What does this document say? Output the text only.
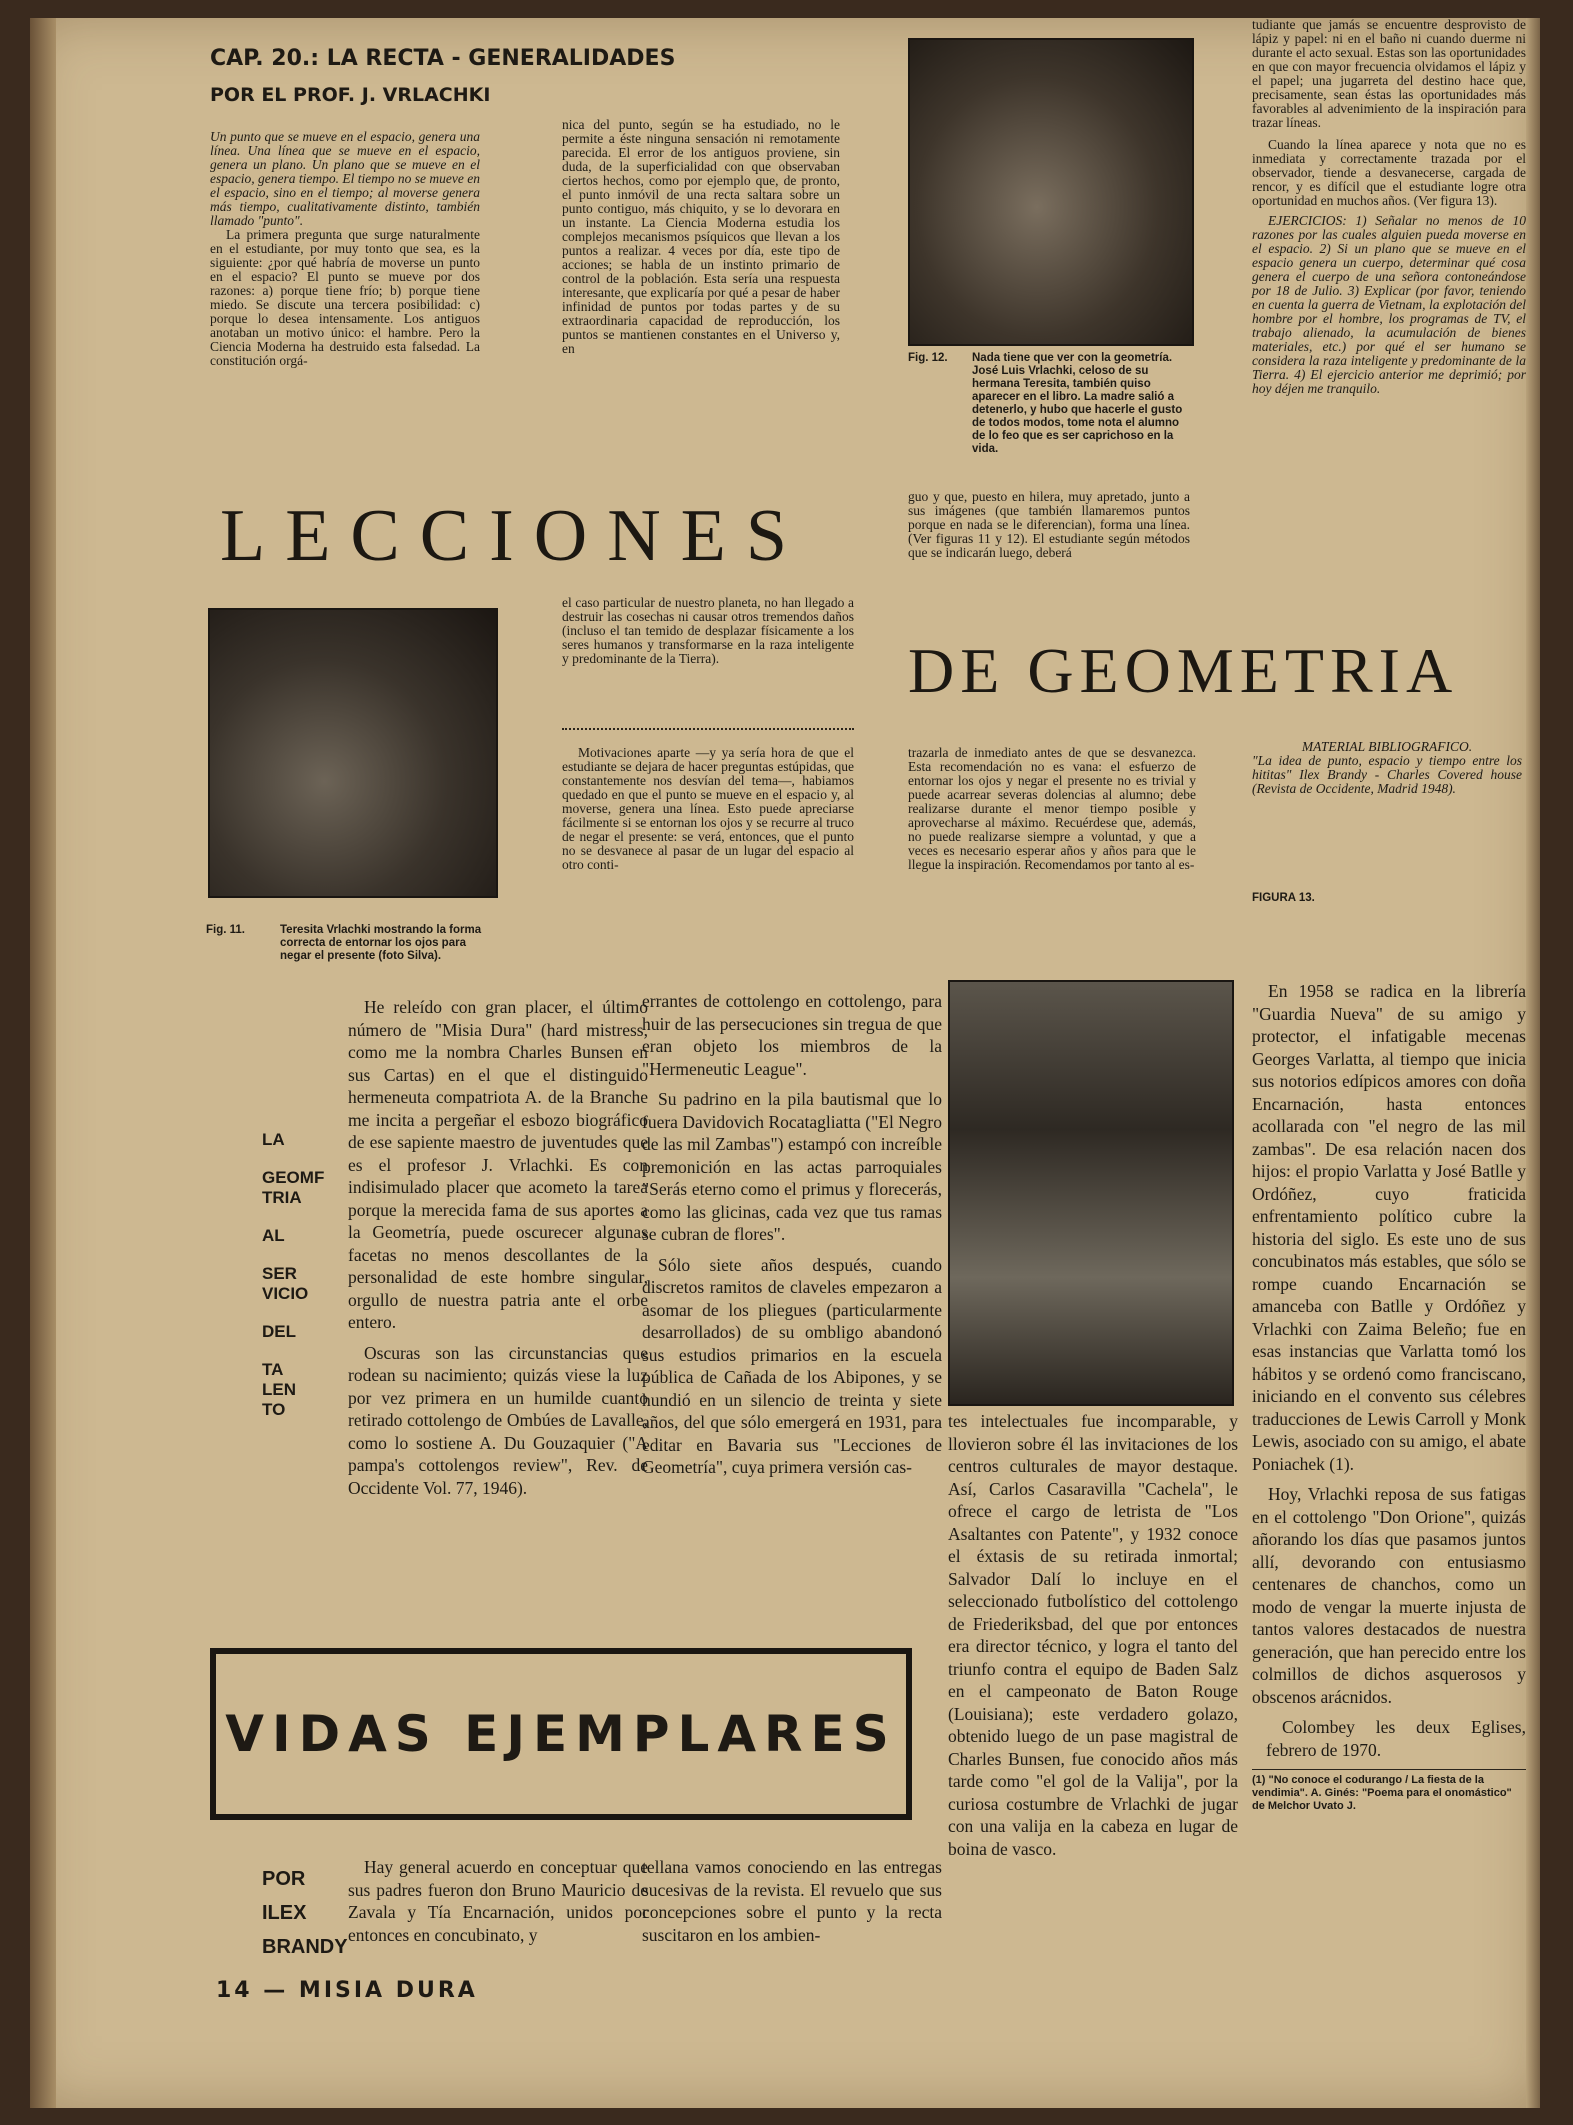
CAP. 20.: LA RECTA - GENERALIDADES
POR EL PROF. J. VRLACHKI

Un punto que se mueve en el espacio, genera una línea. Una línea que se mueve en el espacio, genera un plano. Un plano que se mueve en el espacio, genera tiempo. El tiempo no se mueve en el espacio, sino en el tiempo; al moverse genera más tiempo, cualitativamente distinto, también llamado "punto".

La primera pregunta que surge naturalmente en el estudiante, por muy tonto que sea, es la siguiente: ¿por qué habría de moverse un punto en el espacio? El punto se mueve por dos razones: a) porque tiene frío; b) porque tiene miedo. Se discute una tercera posibilidad: c) porque lo desea intensamente. Los antiguos anotaban un motivo único: el hambre. Pero la Ciencia Moderna ha destruido esta falsedad. La constitución orgá-

nica del punto, según se ha estudiado, no le permite a éste ninguna sensación ni remotamente parecida. El error de los antiguos proviene, sin duda, de la superficialidad con que observaban ciertos hechos, como por ejemplo que, de pronto, el punto inmóvil de una recta saltara sobre un punto contiguo, más chiquito, y se lo devorara en un instante. La Ciencia Moderna estudia los complejos mecanismos psíquicos que llevan a los puntos a realizar. 4 veces por día, este tipo de acciones; se habla de un instinto primario de control de la población. Esta sería una respuesta interesante, que explicaría por qué a pesar de haber infinidad de puntos por todas partes y de su extraordinaria capacidad de reproducción, los puntos se mantienen constantes en el Universo y, en

Fig. 12. Nada tiene que ver con la geometría. José Luis Vrlachki, celoso de su hermana Teresita, también quiso aparecer en el libro. La madre salió a detenerlo, y hubo que hacerle el gusto de todos modos, tome nota el alumno de lo feo que es ser caprichoso en la vida.

tudiante que jamás se encuentre desprovisto de lápiz y papel: ni en el baño ni cuando duerme ni durante el acto sexual. Estas son las oportunidades en que con mayor frecuencia olvidamos el lápiz y el papel; una jugarreta del destino hace que, precisamente, sean éstas las oportunidades más favorables al advenimiento de la inspiración para trazar líneas.

Cuando la línea aparece y nota que no es inmediata y correctamente trazada por el observador, tiende a desvanecerse, cargada de rencor, y es difícil que el estudiante logre otra oportunidad en muchos años. (Ver figura 13).

EJERCICIOS: 1) Señalar no menos de 10 razones por las cuales alguien pueda moverse en el espacio. 2) Si un plano que se mueve en el espacio genera un cuerpo, determinar qué cosa genera el cuerpo de una señora contoneándose por 18 de Julio. 3) Explicar (por favor, teniendo en cuenta la guerra de Vietnam, la explotación del hombre por el hombre, los programas de TV, el trabajo alienado, la acumulación de bienes materiales, etc.) por qué el ser humano se considera la raza inteligente y predominante de la Tierra. 4) El ejercicio anterior me deprimió; por hoy déjen me tranquilo.

guo y que, puesto en hilera, muy apretado, junto a sus imágenes (que también llamaremos puntos porque en nada se le diferencian), forma una línea. (Ver figuras 11 y 12). El estudiante según métodos que se indicarán luego, deberá

LECCIONES
Fig. 11.	Teresita Vrlachki mostrando la forma correcta de entornar los ojos para negar el presente (foto Silva).

el caso particular de nuestro planeta, no han llegado a destruir las cosechas ni causar otros tremendos daños (incluso el tan temido de desplazar físicamente a los seres humanos y transformarse en la raza inteligente y predominante de la Tierra).

Motivaciones aparte —y ya sería hora de que el estudiante se dejara de hacer preguntas estúpidas, que constantemente nos desvían del tema—, habiamos quedado en que el punto se mueve en el espacio y, al moverse, genera una línea. Esto puede apreciarse fácilmente si se entornan los ojos y se recurre al truco de negar el presente: se verá, entonces, que el punto no se desvanece al pasar de un lugar del espacio al otro conti-

DE GEOMETRIA

trazarla de inmediato antes de que se desvanezca. Esta recomendación no es vana: el esfuerzo de entornar los ojos y negar el presente no es trivial y puede acarrear severas dolencias al alumno; debe realizarse durante el menor tiempo posible y aprovecharse al máximo. Recuérdese que, además, no puede realizarse siempre a voluntad, y que a veces es necesario esperar años y años para que le llegue la inspiración. Recomendamos por tanto al es-

MATERIAL BIBLIOGRAFICO.

"La idea de punto, espacio y tiempo entre los hititas" Ilex Brandy - Charles Covered house (Revista de Occidente, Madrid 1948).

FIGURA 13.
LA
GEOMF
TRIA
AL
SER
VICIO
DEL
TA
LEN
TO

He releído con gran placer, el último número de "Misia Dura" (hard mistress, como me la nombra Charles Bunsen en sus Cartas) en el que el distinguido hermeneuta compatriota A. de la Branche me incita a pergeñar el esbozo biográfico de ese sapiente maestro de juventudes que es el profesor J. Vrlachki. Es con indisimulado placer que acometo la tarea porque la merecida fama de sus aportes a la Geometría, puede oscurecer algunas facetas no menos descollantes de la personalidad de este hombre singular, orgullo de nuestra patria ante el orbe entero.

Oscuras son las circunstancias que rodean su nacimiento; quizás viese la luz por vez primera en un humilde cuanto retirado cottolengo de Ombúes de Lavalle, como lo sostiene A. Du Gouzaquier ("A pampa's cottolengos review", Rev. de Occidente Vol. 77, 1946).

errantes de cottolengo en cottolengo, para huir de las persecuciones sin tregua de que eran objeto los miembros de la "Hermeneutic League".

Su padrino en la pila bautismal que lo fuera Davidovich Rocatagliatta ("El Negro de las mil Zambas") estampó con increíble premonición en las actas parroquiales "Serás eterno como el primus y florecerás, como las glicinas, cada vez que tus ramas se cubran de flores".

Sólo siete años después, cuando discretos ramitos de claveles empezaron a asomar de los pliegues (particularmente desarrollados) de su ombligo abandonó sus estudios primarios en la escuela pública de Cañada de los Abipones, y se hundió en un silencio de treinta y siete años, del que sólo emergerá en 1931, para editar en Bavaria sus "Lecciones de Geometría", cuya primera versión cas-

En 1958 se radica en la librería "Guardia Nueva" de su amigo y protector, el infatigable mecenas Georges Varlatta, al tiempo que inicia sus notorios edípicos amores con doña Encarnación, hasta entonces acollarada con "el negro de las mil zambas". De esa relación nacen dos hijos: el propio Varlatta y José Batlle y Ordóñez, cuyo fraticida enfrentamiento político cubre la historia del siglo. Es este uno de sus concubinatos más estables, que sólo se rompe cuando Encarnación se amanceba con Batlle y Ordóñez y Vrlachki con Zaima Beleño; fue en esas instancias que Varlatta tomó los hábitos y se ordenó como franciscano, iniciando en el convento sus célebres traducciones de Lewis Carroll y Monk Lewis, asociado con su amigo, el abate Poniachek (1).

Hoy, Vrlachki reposa de sus fatigas en el cottolengo "Don Orione", quizás añorando los días que pasamos juntos allí, devorando con entusiasmo centenares de chanchos, como un modo de vengar la muerte injusta de tantos valores destacados de nuestra generación, que han perecido entre los colmillos de dichos asquerosos y obscenos arácnidos.

Colombey les deux Eglises, febrero de 1970.

(1) "No conoce el codurango / La fiesta de la vendimia". A. Ginés: "Poema para el onomástico" de Melchor Uvato J.

tes intelectuales fue incomparable, y llovieron sobre él las invitaciones de los centros culturales de mayor destaque. Así, Carlos Casaravilla "Cachela", le ofrece el cargo de letrista de "Los Asaltantes con Patente", y 1932 conoce el éxtasis de su retirada inmortal; Salvador Dalí lo incluye en el seleccionado futbolístico del cottolengo de Friederiksbad, del que por entonces era director técnico, y logra el tanto del triunfo contra el equipo de Baden Salz en el campeonato de Baton Rouge (Louisiana); este verdadero golazo, obtenido luego de un pase magistral de Charles Bunsen, fue conocido años más tarde como "el gol de la Valija", por la curiosa costumbre de Vrlachki de jugar con una valija en la cabeza en lugar de boina de vasco.

VIDAS EJEMPLARES
POR
ILEX
BRANDY

Hay general acuerdo en conceptuar que sus padres fueron don Bruno Mauricio de Zavala y Tía Encarnación, unidos por entonces en concubinato, y

tellana vamos conociendo en las entregas sucesivas de la revista. El revuelo que sus concepciones sobre el punto y la recta suscitaron en los ambien-

14 — MISIA DURA
